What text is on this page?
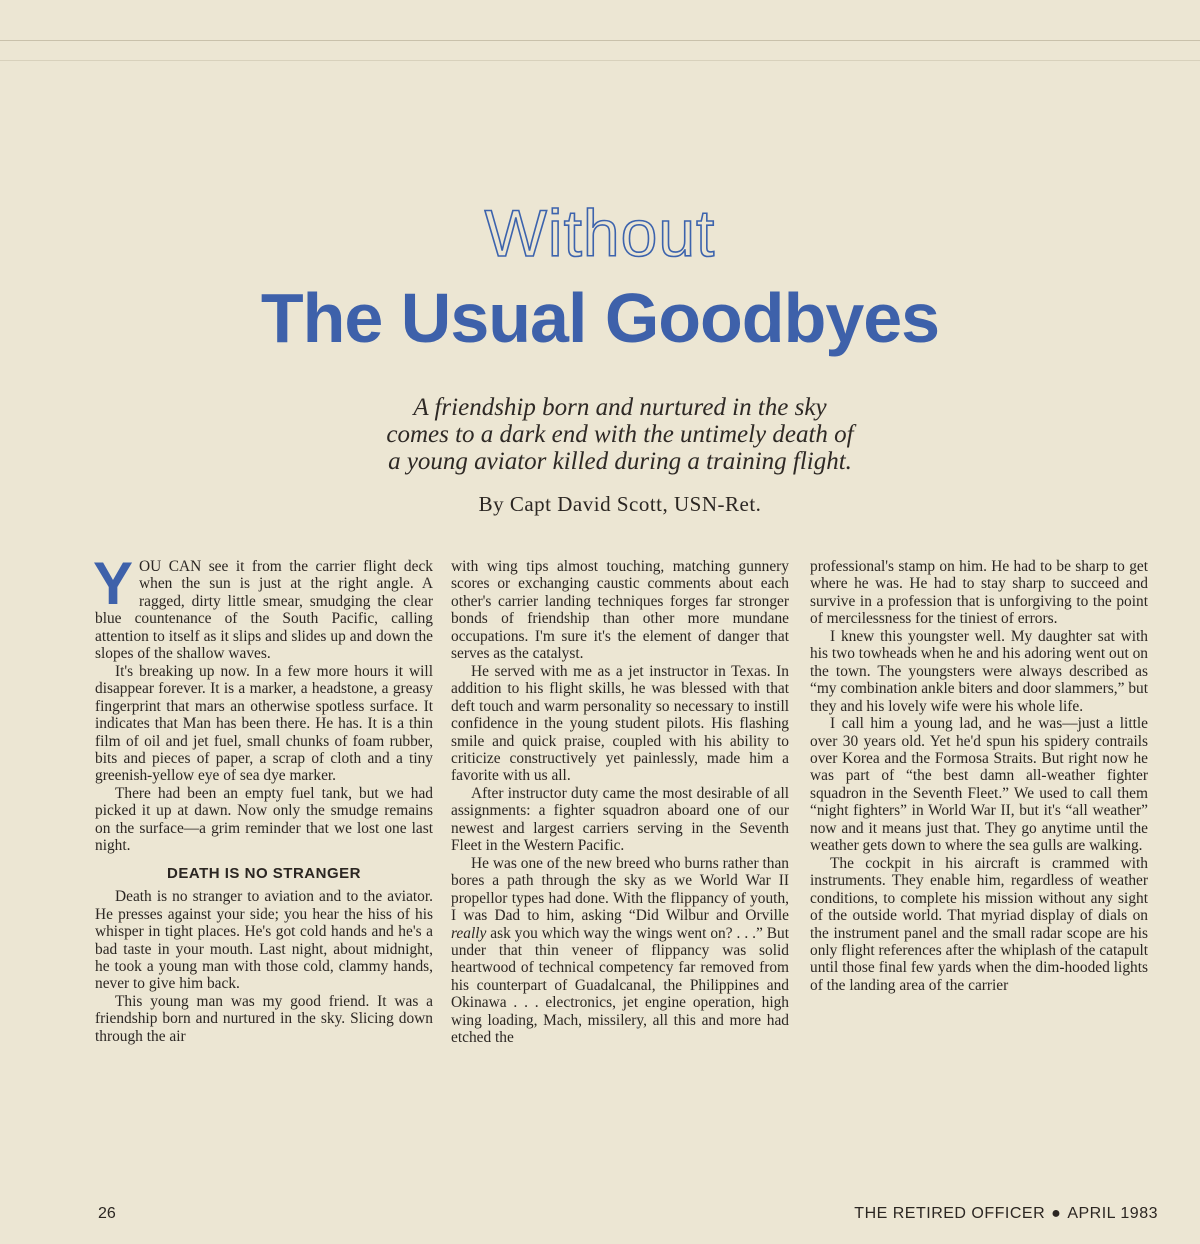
Without
The Usual Goodbyes
A friendship born and nurtured in the sky
comes to a dark end with the untimely death of
a young aviator killed during a training flight.
By Capt David Scott, USN-Ret.

YOU CAN see it from the carrier flight deck when the sun is just at the right angle. A ragged, dirty little smear, smudging the clear blue countenance of the South Pacific, calling attention to itself as it slips and slides up and down the slopes of the shallow waves.

It's breaking up now. In a few more hours it will disappear forever. It is a marker, a headstone, a greasy fingerprint that mars an otherwise spotless surface. It indicates that Man has been there. He has. It is a thin film of oil and jet fuel, small chunks of foam rubber, bits and pieces of paper, a scrap of cloth and a tiny greenish-yellow eye of sea dye marker.

There had been an empty fuel tank, but we had picked it up at dawn. Now only the smudge remains on the surface—a grim reminder that we lost one last night.

DEATH IS NO STRANGER

Death is no stranger to aviation and to the aviator. He presses against your side; you hear the hiss of his whisper in tight places. He's got cold hands and he's a bad taste in your mouth. Last night, about midnight, he took a young man with those cold, clammy hands, never to give him back.

This young man was my good friend. It was a friendship born and nurtured in the sky. Slicing down through the air

with wing tips almost touching, matching gunnery scores or exchanging caustic comments about each other's carrier landing techniques forges far stronger bonds of friendship than other more mundane occupations. I'm sure it's the element of danger that serves as the catalyst.

He served with me as a jet instructor in Texas. In addition to his flight skills, he was blessed with that deft touch and warm personality so necessary to instill confidence in the young student pilots. His flashing smile and quick praise, coupled with his ability to criticize constructively yet painlessly, made him a favorite with us all.

After instructor duty came the most desirable of all assignments: a fighter squadron aboard one of our newest and largest carriers serving in the Seventh Fleet in the Western Pacific.

He was one of the new breed who burns rather than bores a path through the sky as we World War II propellor types had done. With the flippancy of youth, I was Dad to him, asking “Did Wilbur and Orville really ask you which way the wings went on? . . .” But under that thin veneer of flippancy was solid heartwood of technical competency far removed from his counterpart of Guadalcanal, the Philippines and Okinawa . . . electronics, jet engine operation, high wing loading, Mach, missilery, all this and more had etched the

professional's stamp on him. He had to be sharp to get where he was. He had to stay sharp to succeed and survive in a profession that is unforgiving to the point of mercilessness for the tiniest of errors.

I knew this youngster well. My daughter sat with his two towheads when he and his adoring went out on the town. The youngsters were always described as “my combination ankle biters and door slammers,” but they and his lovely wife were his whole life.

I call him a young lad, and he was—just a little over 30 years old. Yet he'd spun his spidery contrails over Korea and the Formosa Straits. But right now he was part of “the best damn all-weather fighter squadron in the Seventh Fleet.” We used to call them “night fighters” in World War II, but it's “all weather” now and it means just that. They go anytime until the weather gets down to where the sea gulls are walking.

The cockpit in his aircraft is crammed with instruments. They enable him, regardless of weather conditions, to complete his mission without any sight of the outside world. That myriad display of dials on the instrument panel and the small radar scope are his only flight references after the whiplash of the catapult until those final few yards when the dim-hooded lights of the landing area of the carrier

26	THE RETIRED OFFICER ● APRIL 1983
